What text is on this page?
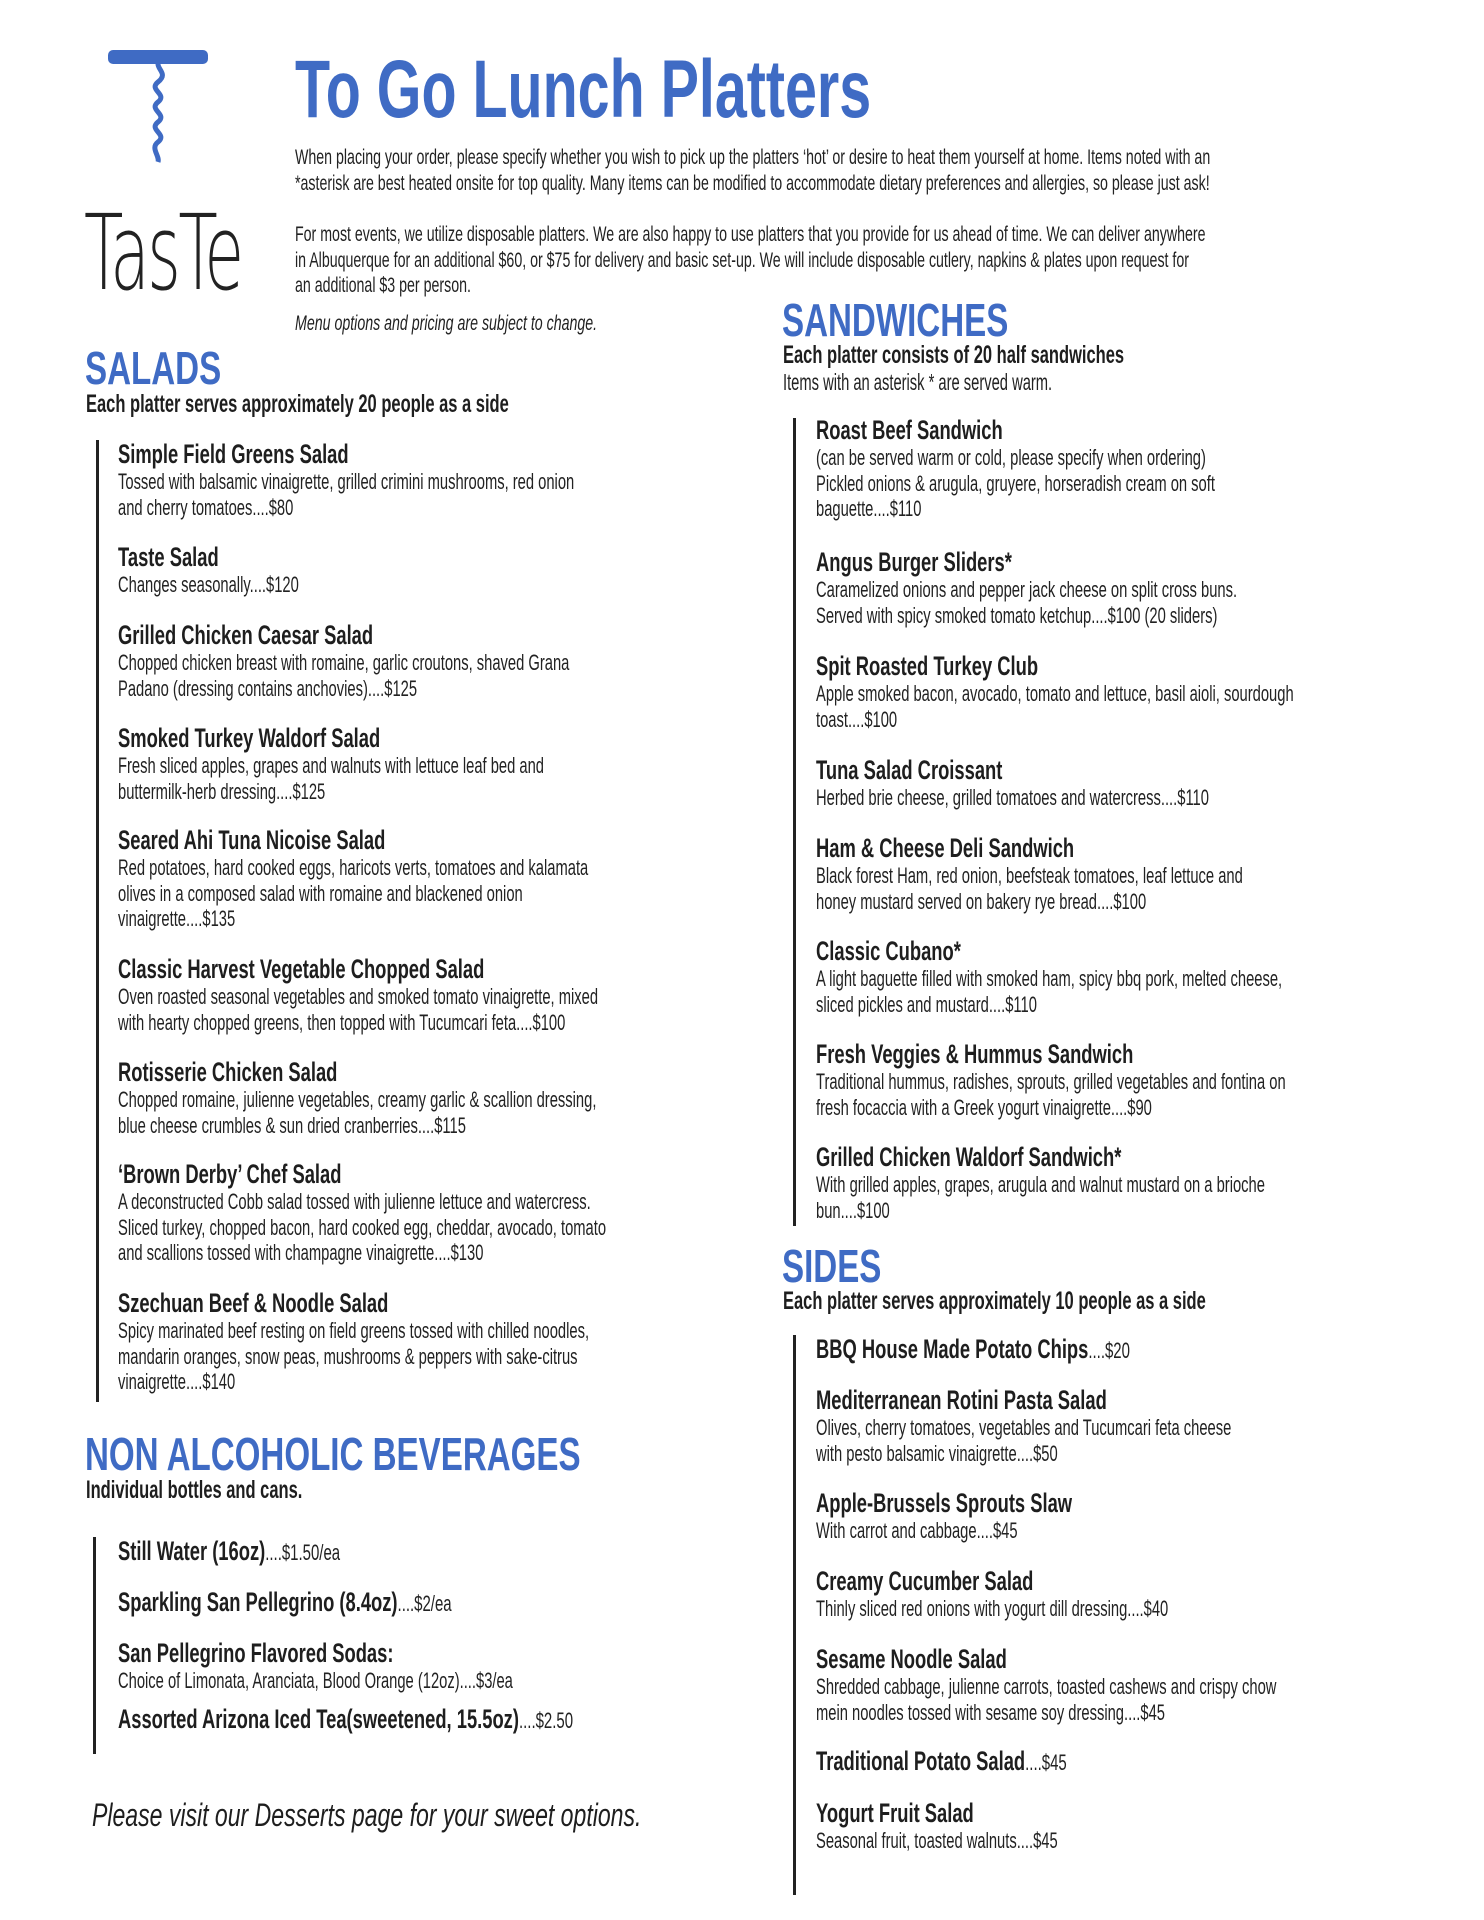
TasTe
To Go Lunch Platters
When placing your order, please specify whether you wish to pick up the platters ‘hot’ or desire to heat them yourself at home. Items noted with an
*asterisk are best heated onsite for top quality. Many items can be modified to accommodate dietary preferences and allergies, so please just ask!
For most events, we utilize disposable platters. We are also happy to use platters that you provide for us ahead of time. We can deliver anywhere
in Albuquerque for an additional $60, or $75 for delivery and basic set-up. We will include disposable cutlery, napkins & plates upon request for
an additional $3 per person.
Menu options and pricing are subject to change.
SALADS
Each platter serves approximately 20 people as a side
Simple Field Greens Salad
Tossed with balsamic vinaigrette, grilled crimini mushrooms, red onion
and cherry tomatoes....$80
Taste Salad
Changes seasonally....$120
Grilled Chicken Caesar Salad
Chopped chicken breast with romaine, garlic croutons, shaved Grana
Padano (dressing contains anchovies)....$125
Smoked Turkey Waldorf Salad
Fresh sliced apples, grapes and walnuts with lettuce leaf bed and
buttermilk-herb dressing....$125
Seared Ahi Tuna Nicoise Salad
Red potatoes, hard cooked eggs, haricots verts, tomatoes and kalamata
olives in a composed salad with romaine and blackened onion
vinaigrette....$135
Classic Harvest Vegetable Chopped Salad
Oven roasted seasonal vegetables and smoked tomato vinaigrette, mixed
with hearty chopped greens, then topped with Tucumcari feta....$100
Rotisserie Chicken Salad
Chopped romaine, julienne vegetables, creamy garlic & scallion dressing,
blue cheese crumbles & sun dried cranberries....$115
‘Brown Derby’ Chef Salad
A deconstructed Cobb salad tossed with julienne lettuce and watercress.
Sliced turkey, chopped bacon, hard cooked egg, cheddar, avocado, tomato
and scallions tossed with champagne vinaigrette....$130
Szechuan Beef & Noodle Salad
Spicy marinated beef resting on field greens tossed with chilled noodles,
mandarin oranges, snow peas, mushrooms & peppers with sake-citrus
vinaigrette....$140
NON ALCOHOLIC BEVERAGES
Individual bottles and cans.
Still Water (16oz)....$1.50/ea
Sparkling San Pellegrino (8.4oz)....$2/ea
San Pellegrino Flavored Sodas:
Choice of Limonata, Aranciata, Blood Orange (12oz)....$3/ea
Assorted Arizona Iced Tea(sweetened, 15.5oz)....$2.50
Please visit our Desserts page for your sweet options.
SANDWICHES
Each platter consists of 20 half sandwiches
Items with an asterisk * are served warm.
Roast Beef Sandwich
(can be served warm or cold, please specify when ordering)
Pickled onions & arugula, gruyere, horseradish cream on soft
baguette....$110
Angus Burger Sliders*
Caramelized onions and pepper jack cheese on split cross buns.
Served with spicy smoked tomato ketchup....$100 (20 sliders)
Spit Roasted Turkey Club
Apple smoked bacon, avocado, tomato and lettuce, basil aioli, sourdough
toast....$100
Tuna Salad Croissant
Herbed brie cheese, grilled tomatoes and watercress....$110
Ham & Cheese Deli Sandwich
Black forest Ham, red onion, beefsteak tomatoes, leaf lettuce and
honey mustard served on bakery rye bread....$100
Classic Cubano*
A light baguette filled with smoked ham, spicy bbq pork, melted cheese,
sliced pickles and mustard....$110
Fresh Veggies & Hummus Sandwich
Traditional hummus, radishes, sprouts, grilled vegetables and fontina on
fresh focaccia with a Greek yogurt vinaigrette....$90
Grilled Chicken Waldorf Sandwich*
With grilled apples, grapes, arugula and walnut mustard on a brioche
bun....$100
SIDES
Each platter serves approximately 10 people as a side
BBQ House Made Potato Chips....$20
Mediterranean Rotini Pasta Salad
Olives, cherry tomatoes, vegetables and Tucumcari feta cheese
with pesto balsamic vinaigrette....$50
Apple-Brussels Sprouts Slaw
With carrot and cabbage....$45
Creamy Cucumber Salad
Thinly sliced red onions with yogurt dill dressing....$40
Sesame Noodle Salad
Shredded cabbage, julienne carrots, toasted cashews and crispy chow
mein noodles tossed with sesame soy dressing....$45
Traditional Potato Salad....$45
Yogurt Fruit Salad
Seasonal fruit, toasted walnuts....$45
